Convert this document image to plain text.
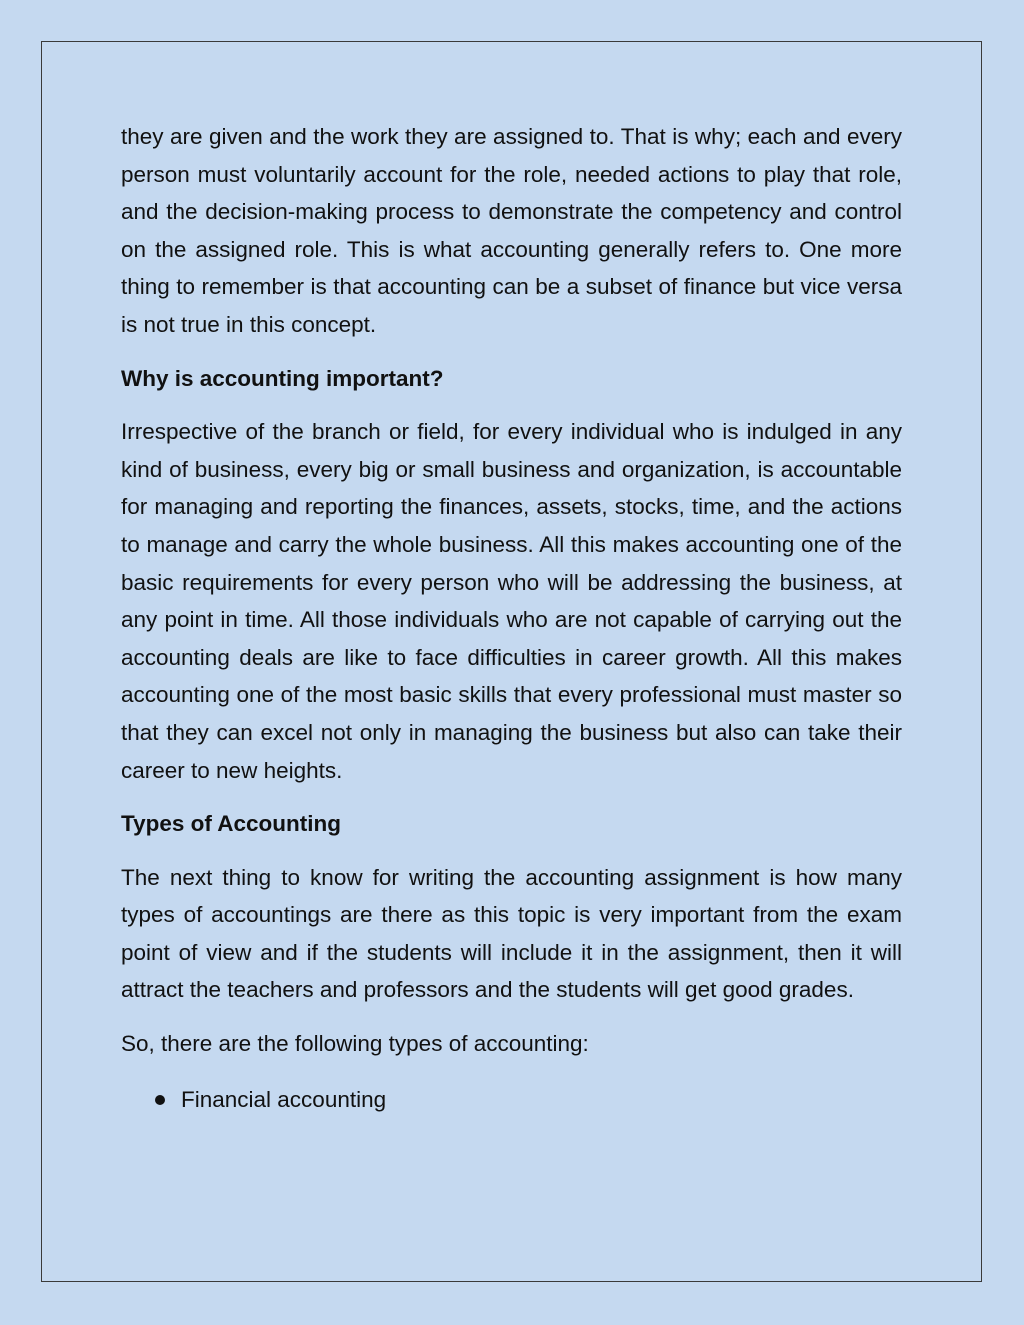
they are given and the work they are assigned to. That is why; each and every person must voluntarily account for the role, needed actions to play that role, and the decision-making process to demonstrate the competency and control on the assigned role. This is what accounting generally refers to. One more thing to remember is that accounting can be a subset of finance but vice versa is not true in this concept.

Why is accounting important?

Irrespective of the branch or field, for every individual who is indulged in any kind of business, every big or small business and organization, is accountable for managing and reporting the finances, assets, stocks, time, and the actions to manage and carry the whole business. All this makes accounting one of the basic requirements for every person who will be addressing the business, at any point in time. All those individuals who are not capable of carrying out the accounting deals are like to face difficulties in career growth. All this makes accounting one of the most basic skills that every professional must master so that they can excel not only in managing the business but also can take their career to new heights.

Types of Accounting

The next thing to know for writing the accounting assignment is how many types of accountings are there as this topic is very important from the exam point of view and if the students will include it in the assignment, then it will attract the teachers and professors and the students will get good grades.

So, there are the following types of accounting:

Financial accounting
